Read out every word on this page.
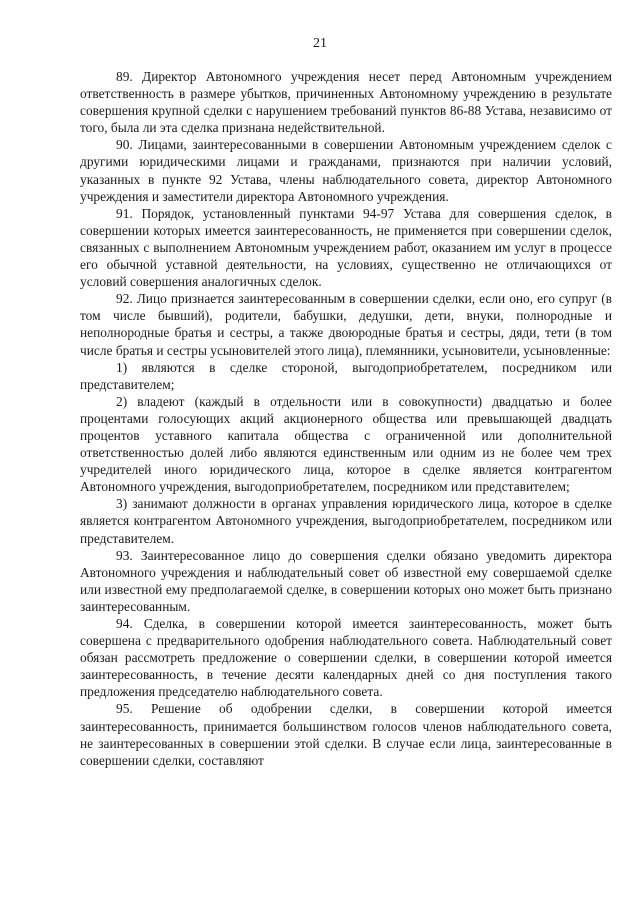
21

89. Директор Автономного учреждения несет перед Автономным учреждением ответственность в размере убытков, причиненных Автономному учреждению в результате совершения крупной сделки с нарушением требований пунктов 86-88 Устава, независимо от того, была ли эта сделка признана недействительной.

90. Лицами, заинтересованными в совершении Автономным учреждением сделок с другими юридическими лицами и гражданами, признаются при наличии условий, указанных в пункте 92 Устава, члены наблюдательного совета, директор Автономного учреждения и заместители директора Автономного учреждения.

91. Порядок, установленный пунктами 94-97 Устава для совершения сделок, в совершении которых имеется заинтересованность, не применяется при совершении сделок, связанных с выполнением Автономным учреждением работ, оказанием им услуг в процессе его обычной уставной деятельности, на условиях, существенно не отличающихся от условий совершения аналогичных сделок.

92. Лицо признается заинтересованным в совершении сделки, если оно, его супруг (в том числе бывший), родители, бабушки, дедушки, дети, внуки, полнородные и неполнородные братья и сестры, а также двоюродные братья и сестры, дяди, тети (в том числе братья и сестры усыновителей этого лица), племянники, усыновители, усыновленные:

1) являются в сделке стороной, выгодоприобретателем, посредником или представителем;

2) владеют (каждый в отдельности или в совокупности) двадцатью и более процентами голосующих акций акционерного общества или превышающей двадцать процентов уставного капитала общества с ограниченной или дополнительной ответственностью долей либо являются единственным или одним из не более чем трех учредителей иного юридического лица, которое в сделке является контрагентом Автономного учреждения, выгодоприобретателем, посредником или представителем;

3) занимают должности в органах управления юридического лица, которое в сделке является контрагентом Автономного учреждения, выгодоприобретателем, посредником или представителем.

93. Заинтересованное лицо до совершения сделки обязано уведомить директора Автономного учреждения и наблюдательный совет об известной ему совершаемой сделке или известной ему предполагаемой сделке, в совершении которых оно может быть признано заинтересованным.

94. Сделка, в совершении которой имеется заинтересованность, может быть совершена с предварительного одобрения наблюдательного совета. Наблюдательный совет обязан рассмотреть предложение о совершении сделки, в совершении которой имеется заинтересованность, в течение десяти календарных дней со дня поступления такого предложения председателю наблюдательного совета.

95. Решение об одобрении сделки, в совершении которой имеется заинтересованность, принимается большинством голосов членов наблюдательного совета, не заинтересованных в совершении этой сделки. В случае если лица, заинтересованные в совершении сделки, составляют
